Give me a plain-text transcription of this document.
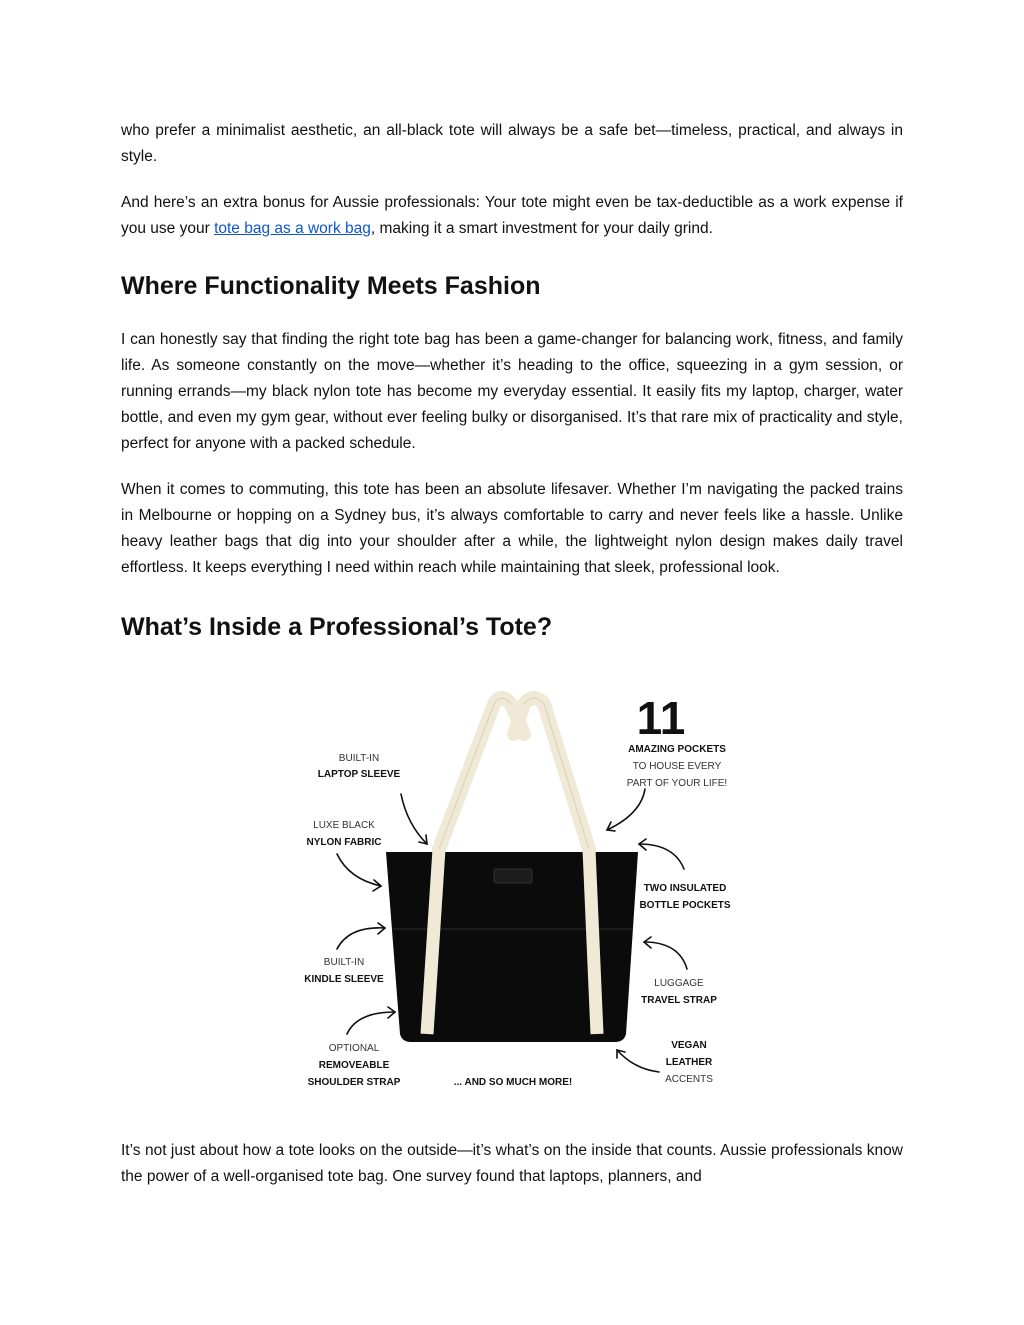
who prefer a minimalist aesthetic, an all-black tote will always be a safe bet—timeless, practical, and always in style.

And here’s an extra bonus for Aussie professionals: Your tote might even be tax-deductible as a work expense if you use your tote bag as a work bag, making it a smart investment for your daily grind.

Where Functionality Meets Fashion

I can honestly say that finding the right tote bag has been a game-changer for balancing work, fitness, and family life. As someone constantly on the move—whether it’s heading to the office, squeezing in a gym session, or running errands—my black nylon tote has become my everyday essential. It easily fits my laptop, charger, water bottle, and even my gym gear, without ever feeling bulky or disorganised. It’s that rare mix of practicality and style, perfect for anyone with a packed schedule.

When it comes to commuting, this tote has been an absolute lifesaver. Whether I’m navigating the packed trains in Melbourne or hopping on a Sydney bus, it’s always comfortable to carry and never feels like a hassle. Unlike heavy leather bags that dig into your shoulder after a while, the lightweight nylon design makes daily travel effortless. It keeps everything I need within reach while maintaining that sleek, professional look.

What’s Inside a Professional’s Tote?
11
AMAZING POCKETS
TO HOUSE EVERY
PART OF YOUR LIFE!
BUILT-IN
LAPTOP SLEEVE
LUXE BLACK
NYLON FABRIC
BUILT-IN
KINDLE SLEEVE
OPTIONAL
REMOVEABLE
SHOULDER STRAP
TWO INSULATED
BOTTLE POCKETS
LUGGAGE
TRAVEL STRAP
VEGAN
LEATHER
ACCENTS
... AND SO MUCH MORE!

It’s not just about how a tote looks on the outside—it’s what’s on the inside that counts. Aussie professionals know the power of a well-organised tote bag. One survey found that laptops, planners, and
